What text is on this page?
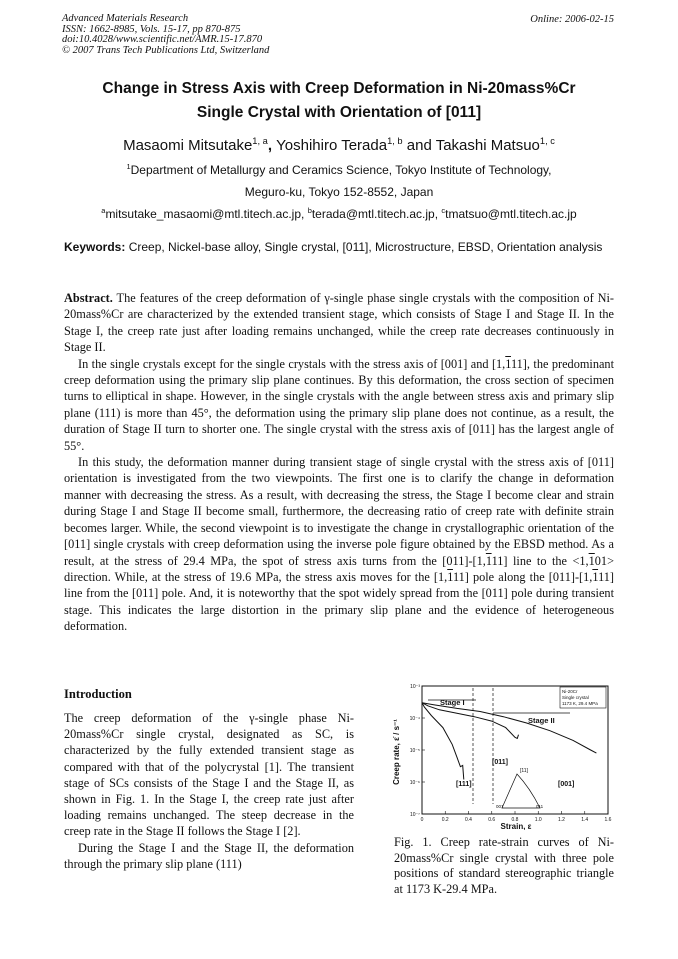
Advanced Materials Research
ISSN: 1662-8985, Vols. 15-17, pp 870-875
doi:10.4028/www.scientific.net/AMR.15-17.870
© 2007 Trans Tech Publications Ltd, Switzerland
Online: 2006-02-15
Change in Stress Axis with Creep Deformation in Ni-20mass%Cr
Single Crystal with Orientation of [011]
Masaomi Mitsutake$^{1, a}$, Yoshihiro Terada$^{1, b}$ and Takashi Matsuo$^{1, c}$
$^1$Department of Metallurgy and Ceramics Science, Tokyo Institute of Technology,
Meguro-ku, Tokyo 152-8552, Japan
$^a$mitsutake_masaomi@mtl.titech.ac.jp, $^b$terada@mtl.titech.ac.jp, $^c$tmatsuo@mtl.titech.ac.jp
Keywords: Creep, Nickel-base alloy, Single crystal, [011], Microstructure, EBSD, Orientation analysis

Abstract. The features of the creep deformation of γ-single phase single crystals with the composition of Ni-20mass%Cr are characterized by the extended transient stage, which consists of Stage I and Stage II. In the Stage I, the creep rate just after loading remains unchanged, while the creep rate decreases continuously in Stage II.

In the single crystals except for the single crystals with the stress axis of [001] and [1,111], the predominant creep deformation using the primary slip plane continues. By this deformation, the cross section of specimen turns to elliptical in shape. However, in the single crystals with the angle between stress axis and primary slip plane (111) is more than 45°, the deformation using the primary slip plane does not continue, as a result, the duration of Stage II turn to shorter one. The single crystal with the stress axis of [011] has the largest angle of 55°.

In this study, the deformation manner during transient stage of single crystal with the stress axis of [011] orientation is investigated from the two viewpoints. The first one is to clarify the change in deformation manner with decreasing the stress. As a result, with decreasing the stress, the Stage I become clear and strain during Stage I and Stage II become small, furthermore, the decreasing ratio of creep rate with definite strain becomes larger. While, the second viewpoint is to investigate the change in crystallographic orientation of the [011] single crystals with creep deformation using the inverse pole figure obtained by the EBSD method. As a result, at the stress of 29.4 MPa, the spot of stress axis turns from the [011]-[1,111] line to the <1,101> direction. While, at the stress of 19.6 MPa, the stress axis moves for the [1,111] pole along the [011]-[1,111] line from the [011] pole. And, it is noteworthy that the spot widely spread from the [011] pole during transient stage. This indicates the large distortion in the primary slip plane and the evidence of heterogeneous deformation.

Introduction

The creep deformation of the γ-single phase Ni-20mass%Cr single crystal, designated as SC, is characterized by the fully extended transient stage as compared with that of the polycrystal [1]. The transient stage of SCs consists of the Stage I and the Stage II, as shown in Fig. 1. In the Stage I, the creep rate just after loading remains unchanged. The steep decrease in the creep rate in the Stage II follows the Stage I [2].

During the Stage I and the Stage II, the deformation through the primary slip plane (111)

10⁻⁷
10⁻⁶
10⁻⁵
10⁻⁴
10⁻³
0	0.2	0.4	0.6	0.8	1.0	1.2	1.4	1.6
Stage I
Stage II
Ni-20Cr
Single crystal
1173 K, 29.4 MPa
[011]
[111]	[001]
[11]
001	011
Strain, ε
Creep rate, ε̇ / s⁻¹
Fig. 1. Creep rate-strain curves of Ni-20mass%Cr single crystal with three pole positions of standard stereographic triangle at 1173 K-29.4 MPa.
